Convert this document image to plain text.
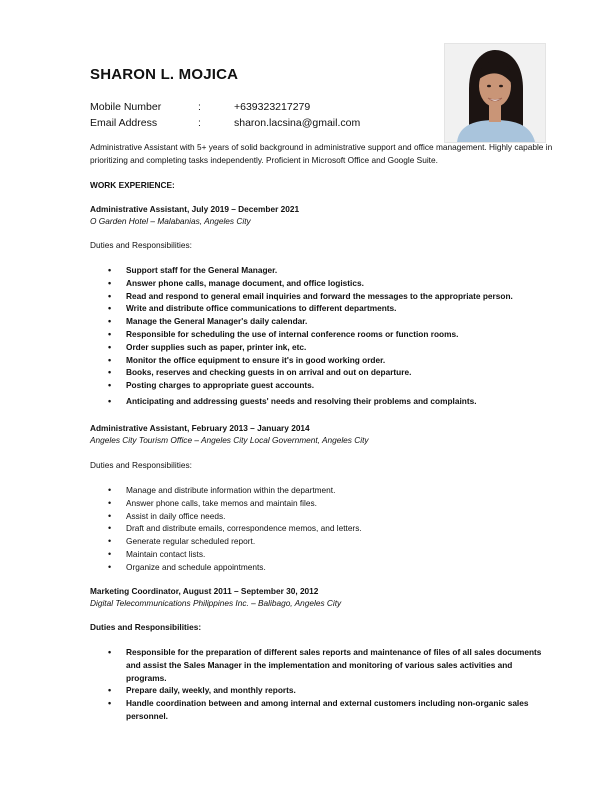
SHARON L. MOJICA
Mobile Number	:	+639323217279
Email Address	:	sharon.lacsina@gmail.com
Administrative Assistant with 5+ years of solid background in administrative support and office management. Highly capable in prioritizing and completing tasks independently. Proficient in Microsoft Office and Google Suite.
WORK EXPERIENCE:
Administrative Assistant, July 2019 – December 2021
O Garden Hotel – Malabanias, Angeles City
Duties and Responsibilities:
• Support staff for the General Manager.
• Answer phone calls, manage document, and office logistics.
• Read and respond to general email inquiries and forward the messages to the appropriate person.
• Write and distribute office communications to different departments.
• Manage the General Manager's daily calendar.
• Responsible for scheduling the use of internal conference rooms or function rooms.
• Order supplies such as paper, printer ink, etc.
• Monitor the office equipment to ensure it's in good working order.
• Books, reserves and checking guests in on arrival and out on departure.
• Posting charges to appropriate guest accounts.
• Anticipating and addressing guests' needs and resolving their problems and complaints.
Administrative Assistant, February 2013 – January 2014
Angeles City Tourism Office – Angeles City Local Government, Angeles City
Duties and Responsibilities:
• Manage and distribute information within the department.
• Answer phone calls, take memos and maintain files.
• Assist in daily office needs.
• Draft and distribute emails, correspondence memos, and letters.
• Generate regular scheduled report.
• Maintain contact lists.
• Organize and schedule appointments.
Marketing Coordinator, August 2011 – September 30, 2012
Digital Telecommunications Philippines Inc. – Balibago, Angeles City
Duties and Responsibilities:
• Responsible for the preparation of different sales reports and maintenance of files of all sales documents and assist the Sales Manager in the implementation and monitoring of various sales activities and programs.
• Prepare daily, weekly, and monthly reports.
• Handle coordination between and among internal and external customers including non-organic sales personnel.
